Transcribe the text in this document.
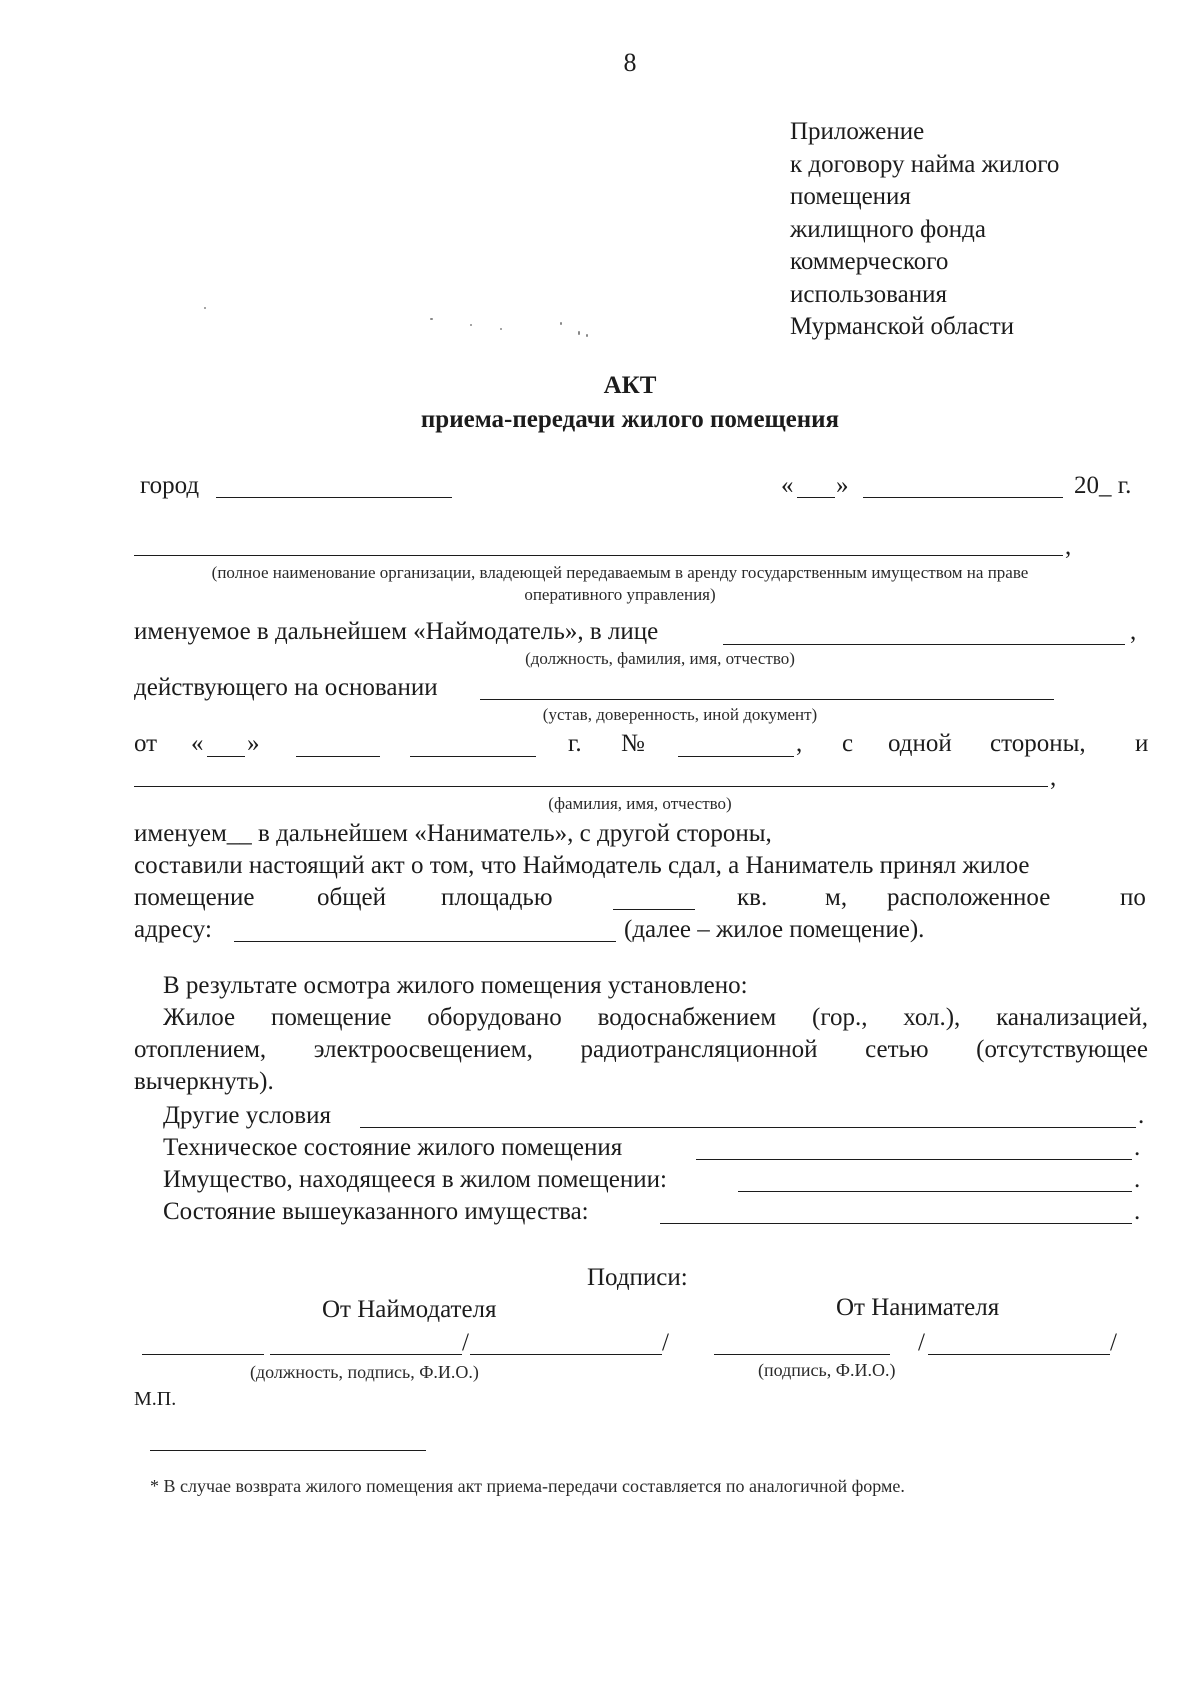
8
Приложение
к договору найма жилого
помещения
жилищного фонда
коммерческого
использования
Мурманской области
АКТ
приема-передачи жилого помещения
город	« »	20_ г.
,
(полное наименование организации, владеющей передаваемым в аренду государственным имуществом на праве
оперативного управления)
именуемое в дальнейшем «Наймодатель», в лице	,
(должность, фамилия, имя, отчество)
действующего на основании
(устав, доверенность, иной документ)
от « »	г. №	, с одной стороны, и
,
(фамилия, имя, отчество)
именуем__ в дальнейшем «Наниматель», с другой стороны,
составили настоящий акт о том, что Наймодатель сдал, а Наниматель принял жилое
помещение общей площадью	кв. м, расположенное	по
адресу:	(далее – жилое помещение).
В результате осмотра жилого помещения установлено:
Жилое помещение оборудовано водоснабжением (гор., хол.), канализацией,
отоплением, электроосвещением, радиотрансляционной сетью (отсутствующее
вычеркнуть).
Другие условия	.
Техническое состояние жилого помещения	.
Имущество, находящееся в жилом помещении:	.
Состояние вышеуказанного имущества:	.
Подписи:
От Наймодателя	От Нанимателя
/	/	/	/
(должность, подпись, Ф.И.О.)	(подпись, Ф.И.О.)
М.П.
* В случае возврата жилого помещения акт приема-передачи составляется по аналогичной форме.
